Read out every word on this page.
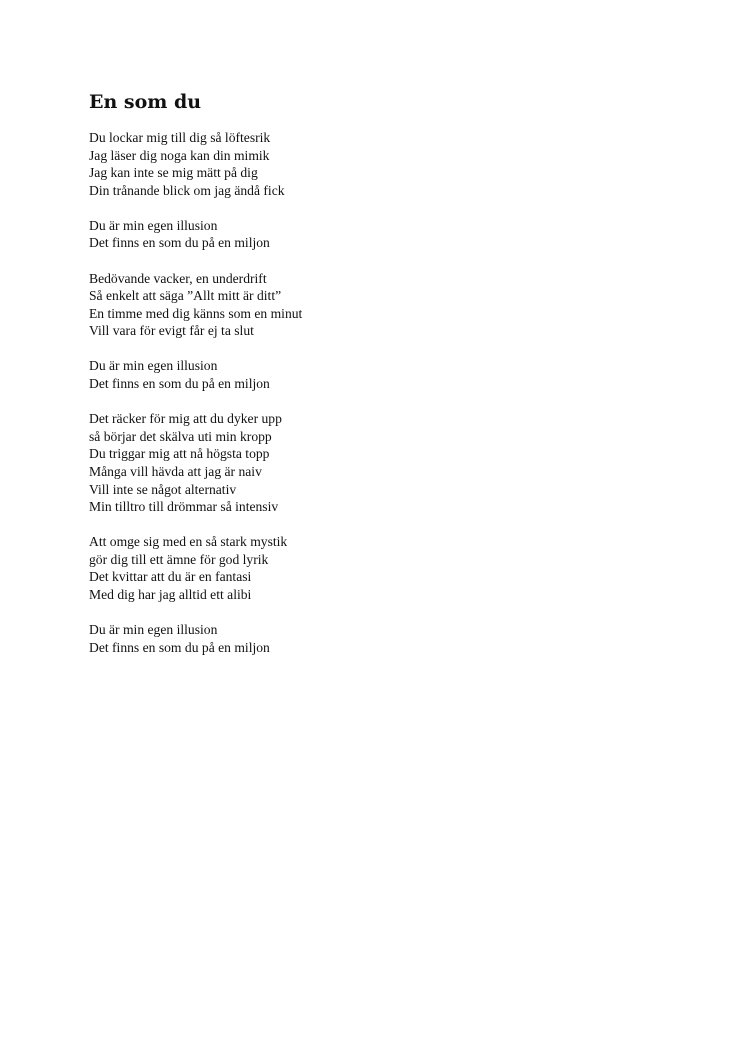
En som du
Du lockar mig till dig så löftesrik
Jag läser dig noga kan din mimik
Jag kan inte se mig mätt på dig
Din trånande blick om jag ändå fick
Du är min egen illusion
Det finns en som du på en miljon
Bedövande vacker, en underdrift
Så enkelt att säga ”Allt mitt är ditt”
En timme med dig känns som en minut
Vill vara för evigt får ej ta slut
Du är min egen illusion
Det finns en som du på en miljon
Det räcker för mig att du dyker upp
så börjar det skälva uti min kropp
Du triggar mig att nå högsta topp
Många vill hävda att jag är naiv
Vill inte se något alternativ
Min tilltro till drömmar så intensiv
Att omge sig med en så stark mystik
gör dig till ett ämne för god lyrik
Det kvittar att du är en fantasi
Med dig har jag alltid ett alibi
Du är min egen illusion
Det finns en som du på en miljon
